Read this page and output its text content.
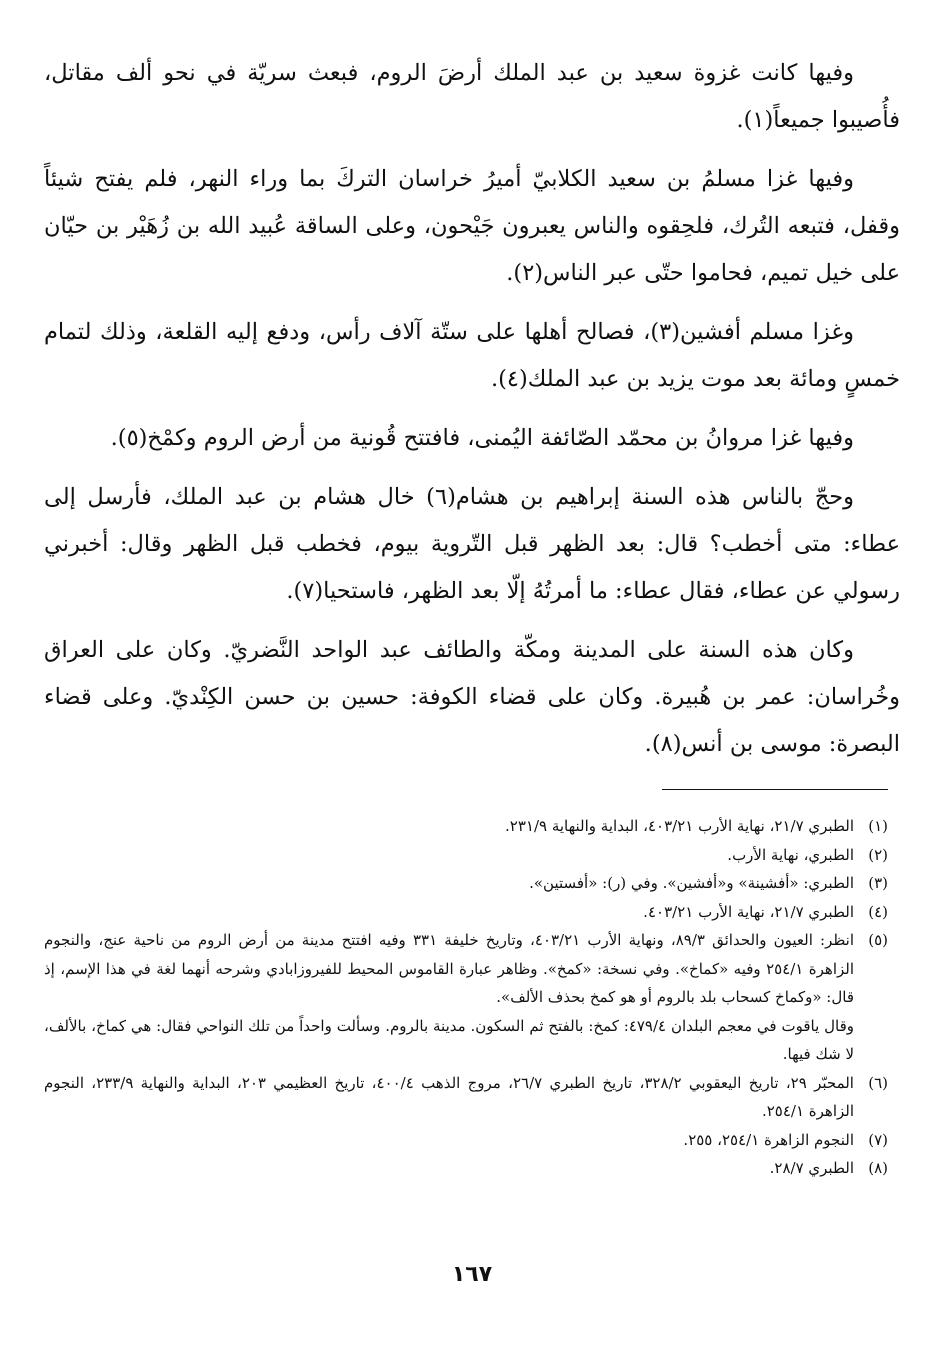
وفيها كانت غزوة سعيد بن عبد الملك أرضَ الروم، فبعث سريّة في نحو ألف مقاتل، فأُصيبوا جميعاً(١).

وفيها غزا مسلمُ بن سعيد الكلابيّ أميرُ خراسان التركَ بما وراء النهر، فلم يفتح شيئاً وقفل، فتبعه التُرك، فلحِقوه والناس يعبرون جَيْحون، وعلى الساقة عُبيد الله بن زُهَيْر بن حيّان على خيل تميم، فحاموا حتّى عبر الناس(٢).

وغزا مسلم أفشين(٣)، فصالح أهلها على ستّة آلاف رأس، ودفع إليه القلعة، وذلك لتمام خمسٍ ومائة بعد موت يزيد بن عبد الملك(٤).

وفيها غزا مروانُ بن محمّد الصّائفة اليُمنى، فافتتح قُونية من أرض الروم وكمْخ(٥).

وحجّ بالناس هذه السنة إبراهيم بن هشام(٦) خال هشام بن عبد الملك، فأرسل إلى عطاء: متى أخطب؟ قال: بعد الظهر قبل التّروية بيوم، فخطب قبل الظهر وقال: أخبرني رسولي عن عطاء، فقال عطاء: ما أمرتُهُ إلّا بعد الظهر، فاستحيا(٧).

وكان هذه السنة على المدينة ومكّة والطائف عبد الواحد النَّضريّ. وكان على العراق وخُراسان: عمر بن هُبيرة. وكان على قضاء الكوفة: حسين بن حسن الكِنْديّ. وعلى قضاء البصرة: موسى بن أنس(٨).

(١)
الطبري ٢١/٧، نهاية الأرب ٤٠٣/٢١، البداية والنهاية ٢٣١/٩.
(٢)
الطبري، نهاية الأرب.
(٣)
الطبري: «أفشينة» و«أفشين». وفي (ر): «أفستين».
(٤)
الطبري ٢١/٧، نهاية الأرب ٤٠٣/٢١.
(٥)
انظر: العيون والحدائق ٨٩/٣، ونهاية الأرب ٤٠٣/٢١، وتاريخ خليفة ٣٣١ وفيه افتتح مدينة من أرض الروم من ناحية عنج، والنجوم الزاهرة ٢٥٤/١ وفيه «كماخ». وفي نسخة: «كمخ». وظاهر عبارة القاموس المحيط للفيروزابادي وشرحه أنهما لغة في هذا الإسم، إذ قال: «وكماخ كسحاب بلد بالروم أو هو كمخ بحذف الألف».
وقال ياقوت في معجم البلدان ٤٧٩/٤: كمخ: بالفتح ثم السكون. مدينة بالروم. وسألت واحداً من تلك النواحي فقال: هي كماخ، بالألف، لا شك فيها.
(٦)
المحبّر ٢٩، تاريخ اليعقوبي ٣٢٨/٢، تاريخ الطبري ٢٦/٧، مروج الذهب ٤٠٠/٤، تاريخ العظيمي ٢٠٣، البداية والنهاية ٢٣٣/٩، النجوم الزاهرة ٢٥٤/١.
(٧)
النجوم الزاهرة ٢٥٤/١، ٢٥٥.
(٨)
الطبري ٢٨/٧.
١٦٧
